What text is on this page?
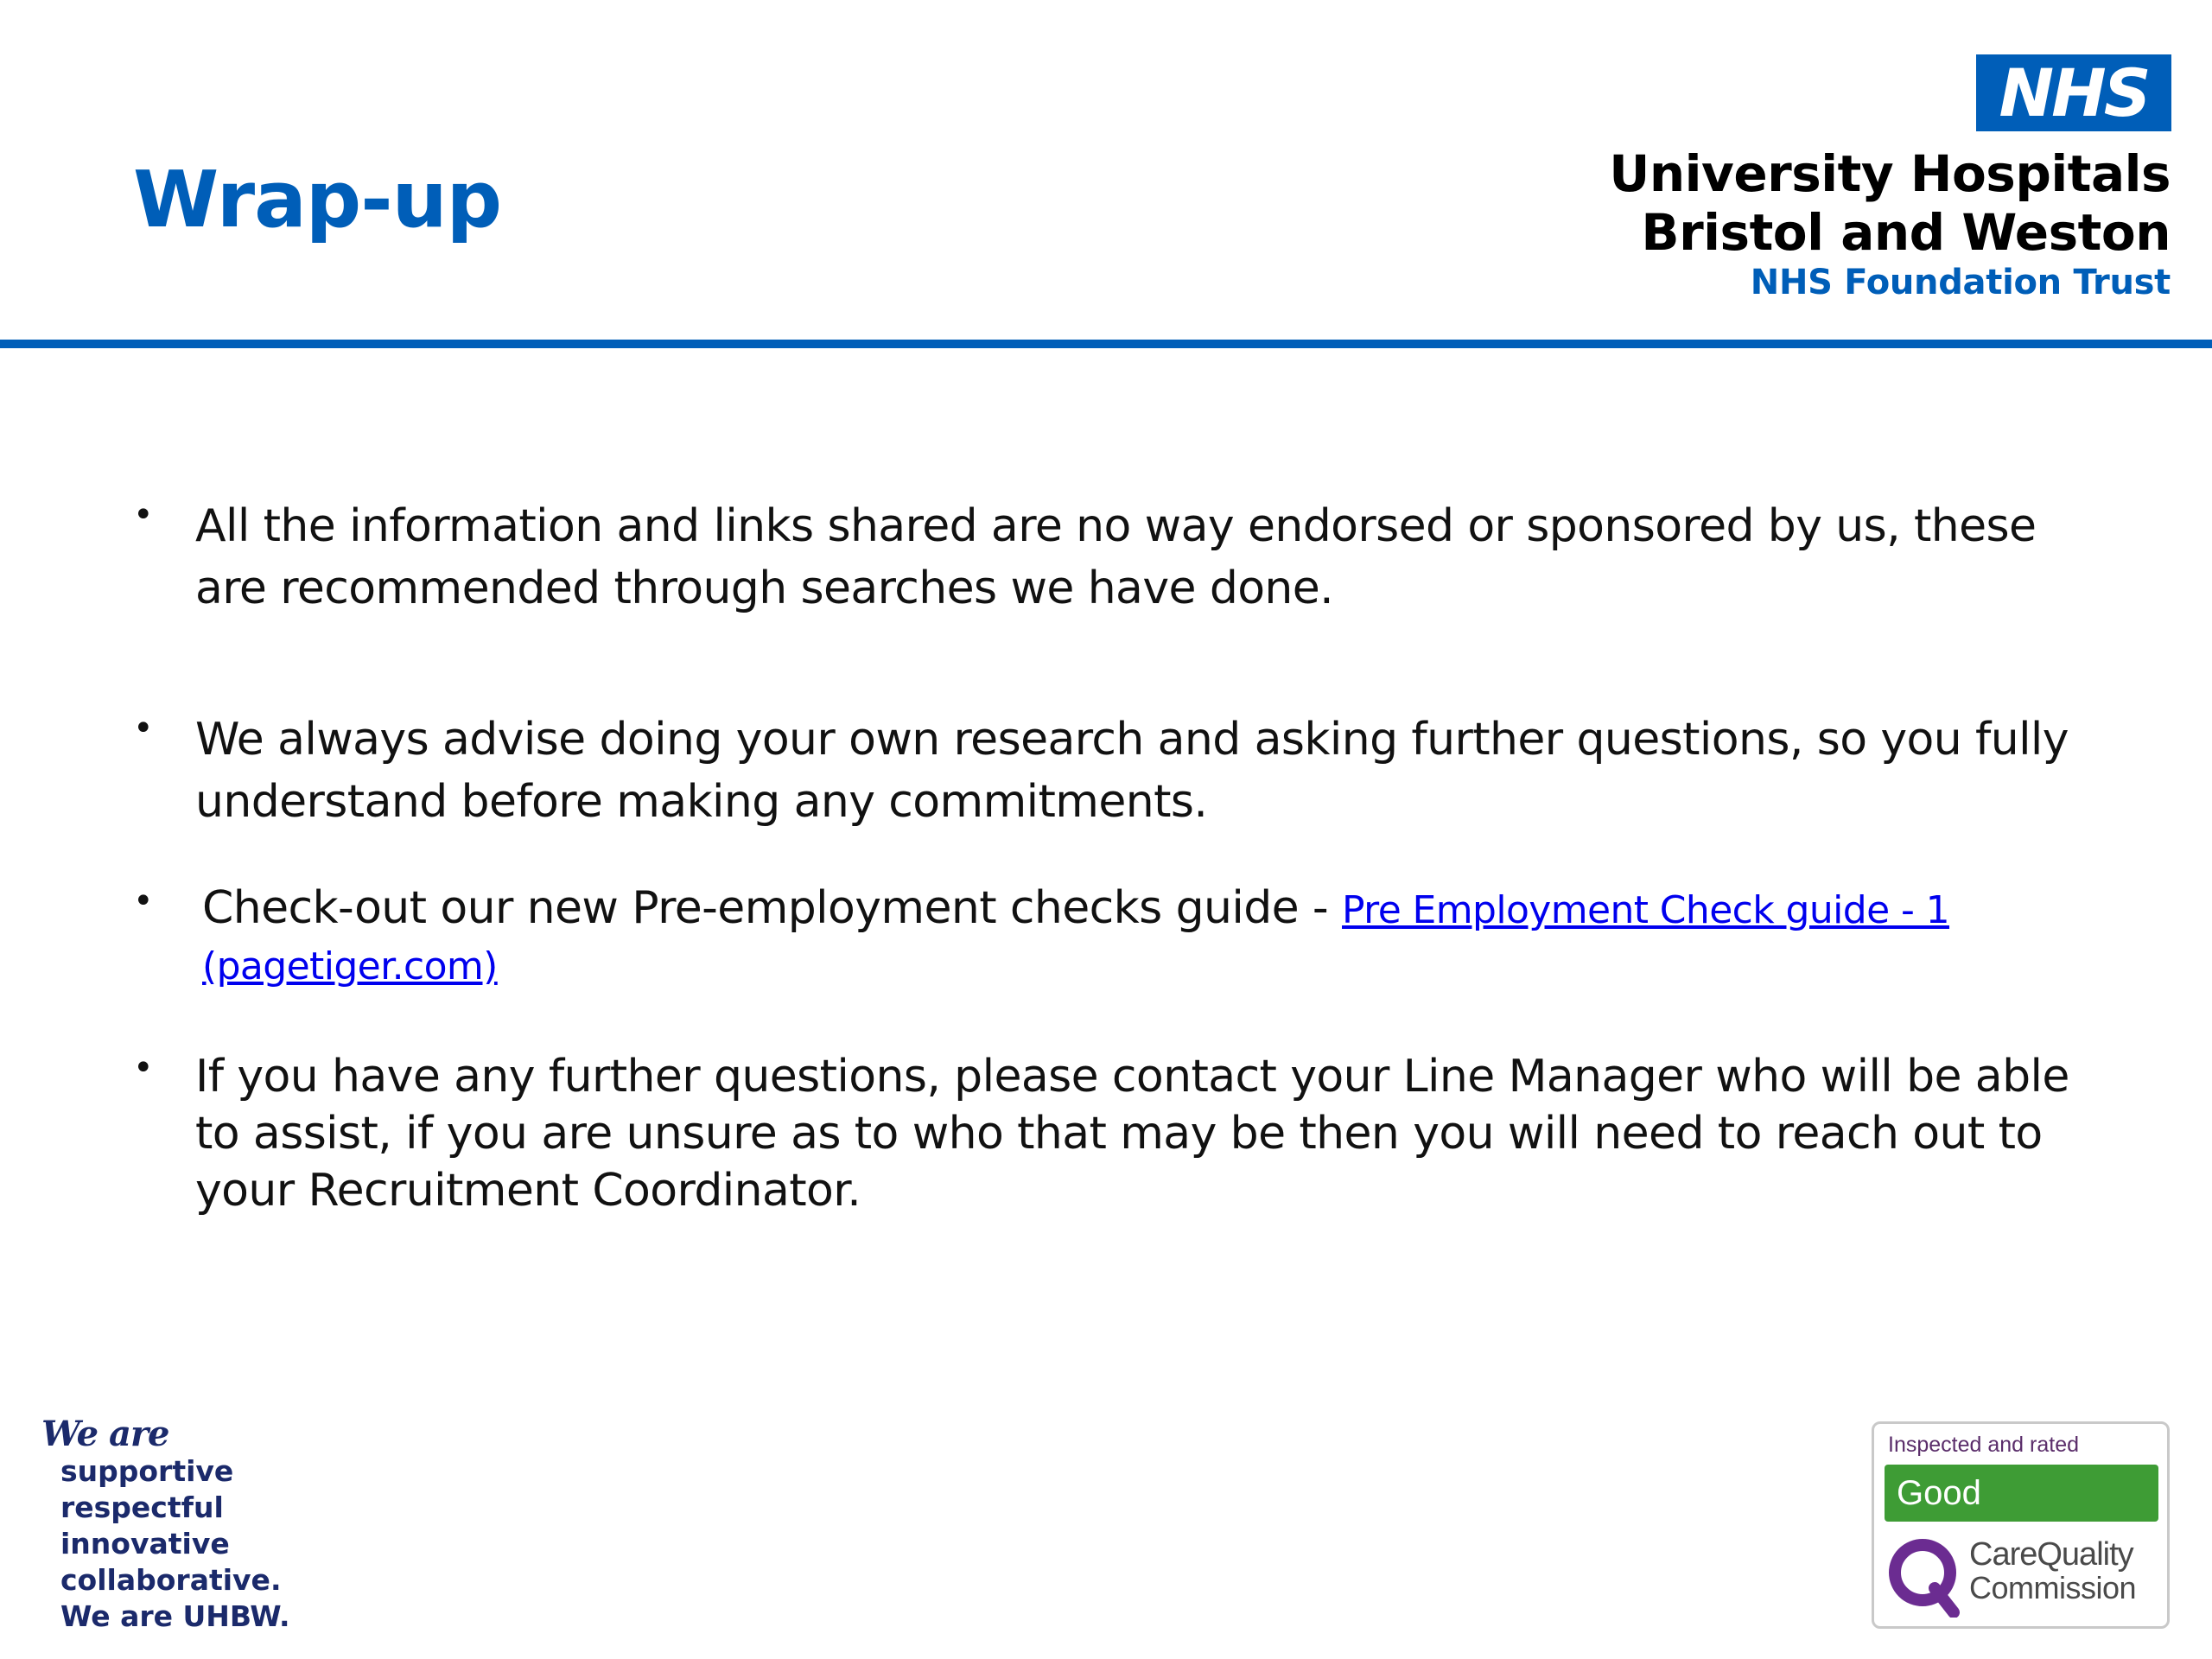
Wrap-up
NHS
University Hospitals
Bristol and Weston
NHS Foundation Trust
• All the information and links shared are no way endorsed or sponsored by us, these are recommended through searches we have done.
• We always advise doing your own research and asking further questions, so you fully understand before making any commitments.
• Check-out our new Pre-employment checks guide - Pre Employment Check guide - 1 (pagetiger.com)
• If you have any further questions, please contact your Line Manager who will be able to assist, if you are unsure as to who that may be then you will need to reach out to your Recruitment Coordinator.
We are
supportive
respectful
innovative
collaborative.
We are UHBW.
Inspected and rated
Good
CareQuality
Commission
